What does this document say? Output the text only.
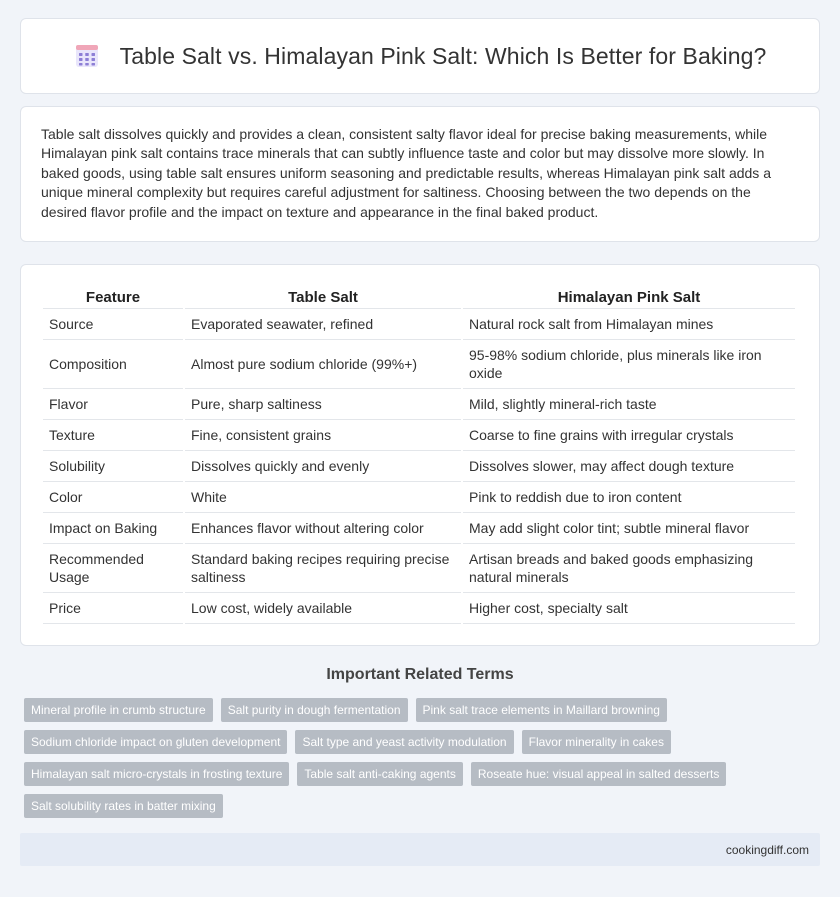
Table Salt vs. Himalayan Pink Salt: Which Is Better for Baking?

Table salt dissolves quickly and provides a clean, consistent salty flavor ideal for precise baking measurements, while Himalayan pink salt contains trace minerals that can subtly influence taste and color but may dissolve more slowly. In baked goods, using table salt ensures uniform seasoning and predictable results, whereas Himalayan pink salt adds a unique mineral complexity but requires careful adjustment for saltiness. Choosing between the two depends on the desired flavor profile and the impact on texture and appearance in the final baked product.

Feature	Table Salt	Himalayan Pink Salt
Source	Evaporated seawater, refined	Natural rock salt from Himalayan mines
Composition	Almost pure sodium chloride (99%+)	95-98% sodium chloride, plus minerals like iron oxide
Flavor	Pure, sharp saltiness	Mild, slightly mineral-rich taste
Texture	Fine, consistent grains	Coarse to fine grains with irregular crystals
Solubility	Dissolves quickly and evenly	Dissolves slower, may affect dough texture
Color	White	Pink to reddish due to iron content
Impact on Baking	Enhances flavor without altering color	May add slight color tint; subtle mineral flavor
Recommended Usage	Standard baking recipes requiring precise saltiness	Artisan breads and baked goods emphasizing natural minerals
Price	Low cost, widely available	Higher cost, specialty salt
Important Related Terms
Mineral profile in crumb structure	Salt purity in dough fermentation	Pink salt trace elements in Maillard browning
Sodium chloride impact on gluten development	Salt type and yeast activity modulation	Flavor minerality in cakes
Himalayan salt micro-crystals in frosting texture	Table salt anti-caking agents	Roseate hue: visual appeal in salted desserts
Salt solubility rates in batter mixing
cookingdiff.com
